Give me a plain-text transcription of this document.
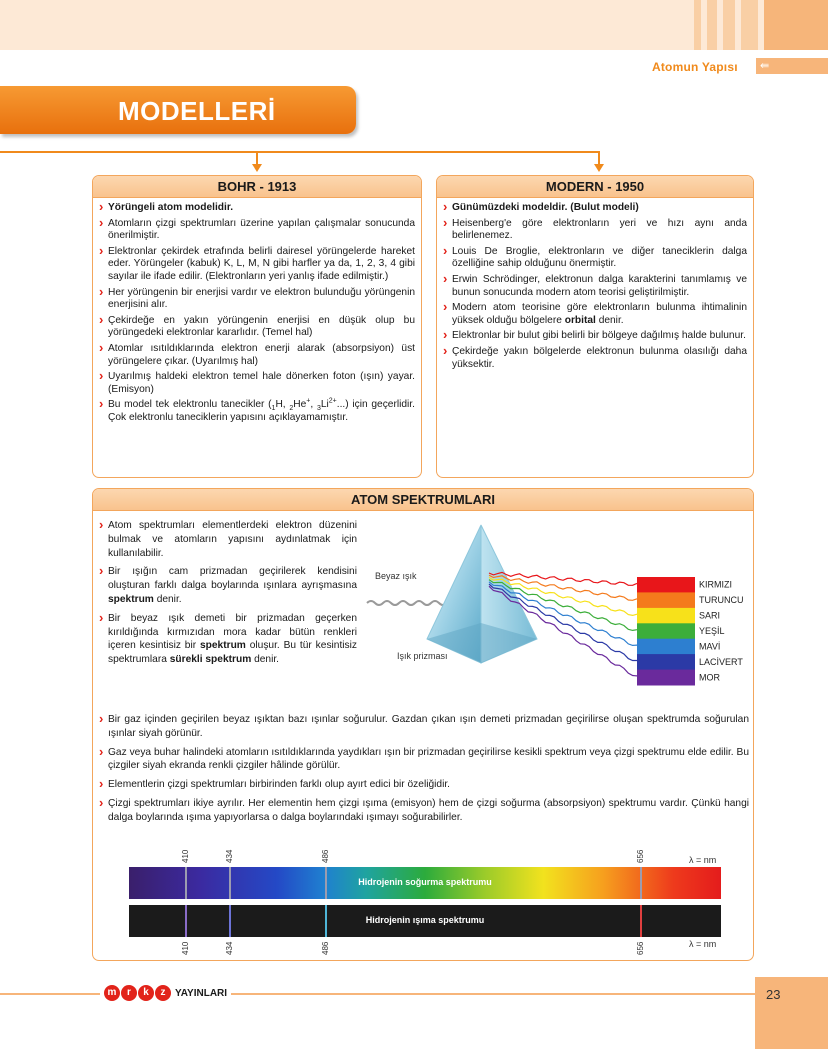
Atomun Yapısı ⇚
MODELLERİ
BOHR - 1913
› Yörüngeli atom modelidir.
› Atomların çizgi spektrumları üzerine yapılan çalışmalar sonucunda önerilmiştir.
› Elektronlar çekirdek etrafında belirli dairesel yörüngelerde hareket eder. Yörüngeler (kabuk) K, L, M, N gibi harfler ya da, 1, 2, 3, 4 gibi sayılar ile ifade edilir. (Elektronların yeri yanlış ifade edilmiştir.)
› Her yörüngenin bir enerjisi vardır ve elektron bulunduğu yörüngenin enerjisini alır.
› Çekirdeğe en yakın yörüngenin enerjisi en düşük olup bu yörüngedeki elektronlar kararlıdır. (Temel hal)
› Atomlar ısıtıldıklarında elektron enerji alarak (absorpsiyon) üst yörüngelere çıkar. (Uyarılmış hal)
› Uyarılmış haldeki elektron temel hale dönerken foton (ışın) yayar. (Emisyon)
› Bu model tek elektronlu tanecikler ($_1H$, $_2$He+, $_3Li^{2+}$...) için geçerlidir. Çok elektronlu taneciklerin yapısını açıklayamamıştır.
MODERN - 1950
› Günümüzdeki modeldir. (Bulut modeli)
› Heisenberg'e göre elektronların yeri ve hızı aynı anda belirlenemez.
› Louis De Broglie, elektronların ve diğer taneciklerin dalga özelliğine sahip olduğunu önermiştir.
› Erwin Schrödinger, elektronun dalga karakterini tanımlamış ve bunun sonucunda modern atom teorisi geliştirilmiştir.
› Modern atom teorisine göre elektronların bulunma ihtimalinin yüksek olduğu bölgelere orbital denir.
› Elektronlar bir bulut gibi belirli bir bölgeye dağılmış halde bulunur.
› Çekirdeğe yakın bölgelerde elektronun bulunma olasılığı daha yüksektir.
ATOM SPEKTRUMLARI
› Atom spektrumları elementlerdeki elektron düzenini bulmak ve atomların yapısını aydınlatmak için kullanılabilir.
› Bir ışığın cam prizmadan geçirilerek kendisini oluşturan farklı dalga boylarında ışınlara ayrışmasına spektrum denir.
› Bir beyaz ışık demeti bir prizmadan geçerken kırıldığında kırmızıdan mora kadar bütün renkleri içeren kesintisiz bir spektrum oluşur. Bu tür kesintisiz spektrumlara sürekli spektrum denir.
Beyaz ışık
Işık prizması
KIRMIZI
TURUNCU
SARI
YEŞİL
MAVİ
LACİVERT
MOR
› Bir gaz içinden geçirilen beyaz ışıktan bazı ışınlar soğurulur. Gazdan çıkan ışın demeti prizmadan geçirilirse oluşan spektrumda soğurulan ışınlar siyah görünür.
› Gaz veya buhar halindeki atomların ısıtıldıklarında yaydıkları ışın bir prizmadan geçirilirse kesikli spektrum veya çizgi spektrumu elde edilir. Bu çizgiler siyah ekranda renkli çizgiler hâlinde görülür.
› Elementlerin çizgi spektrumları birbirinden farklı olup ayırt edici bir özeliğidir.
› Çizgi spektrumları ikiye ayrılır. Her elementin hem çizgi ışıma (emisyon) hem de çizgi soğurma (absorpsiyon) spektrumu vardır. Çünkü hangi dalga boylarında ışıma yapıyorlarsa o dalga boylarındaki ışımayı soğurabilirler.
λ = nm
Hidrojenin soğurma spektrumu
Hidrojenin ışıma spektrumu
λ = nm
410
410
434
434
486
486
656
656
m	r	k	z YAYINLARI	23
